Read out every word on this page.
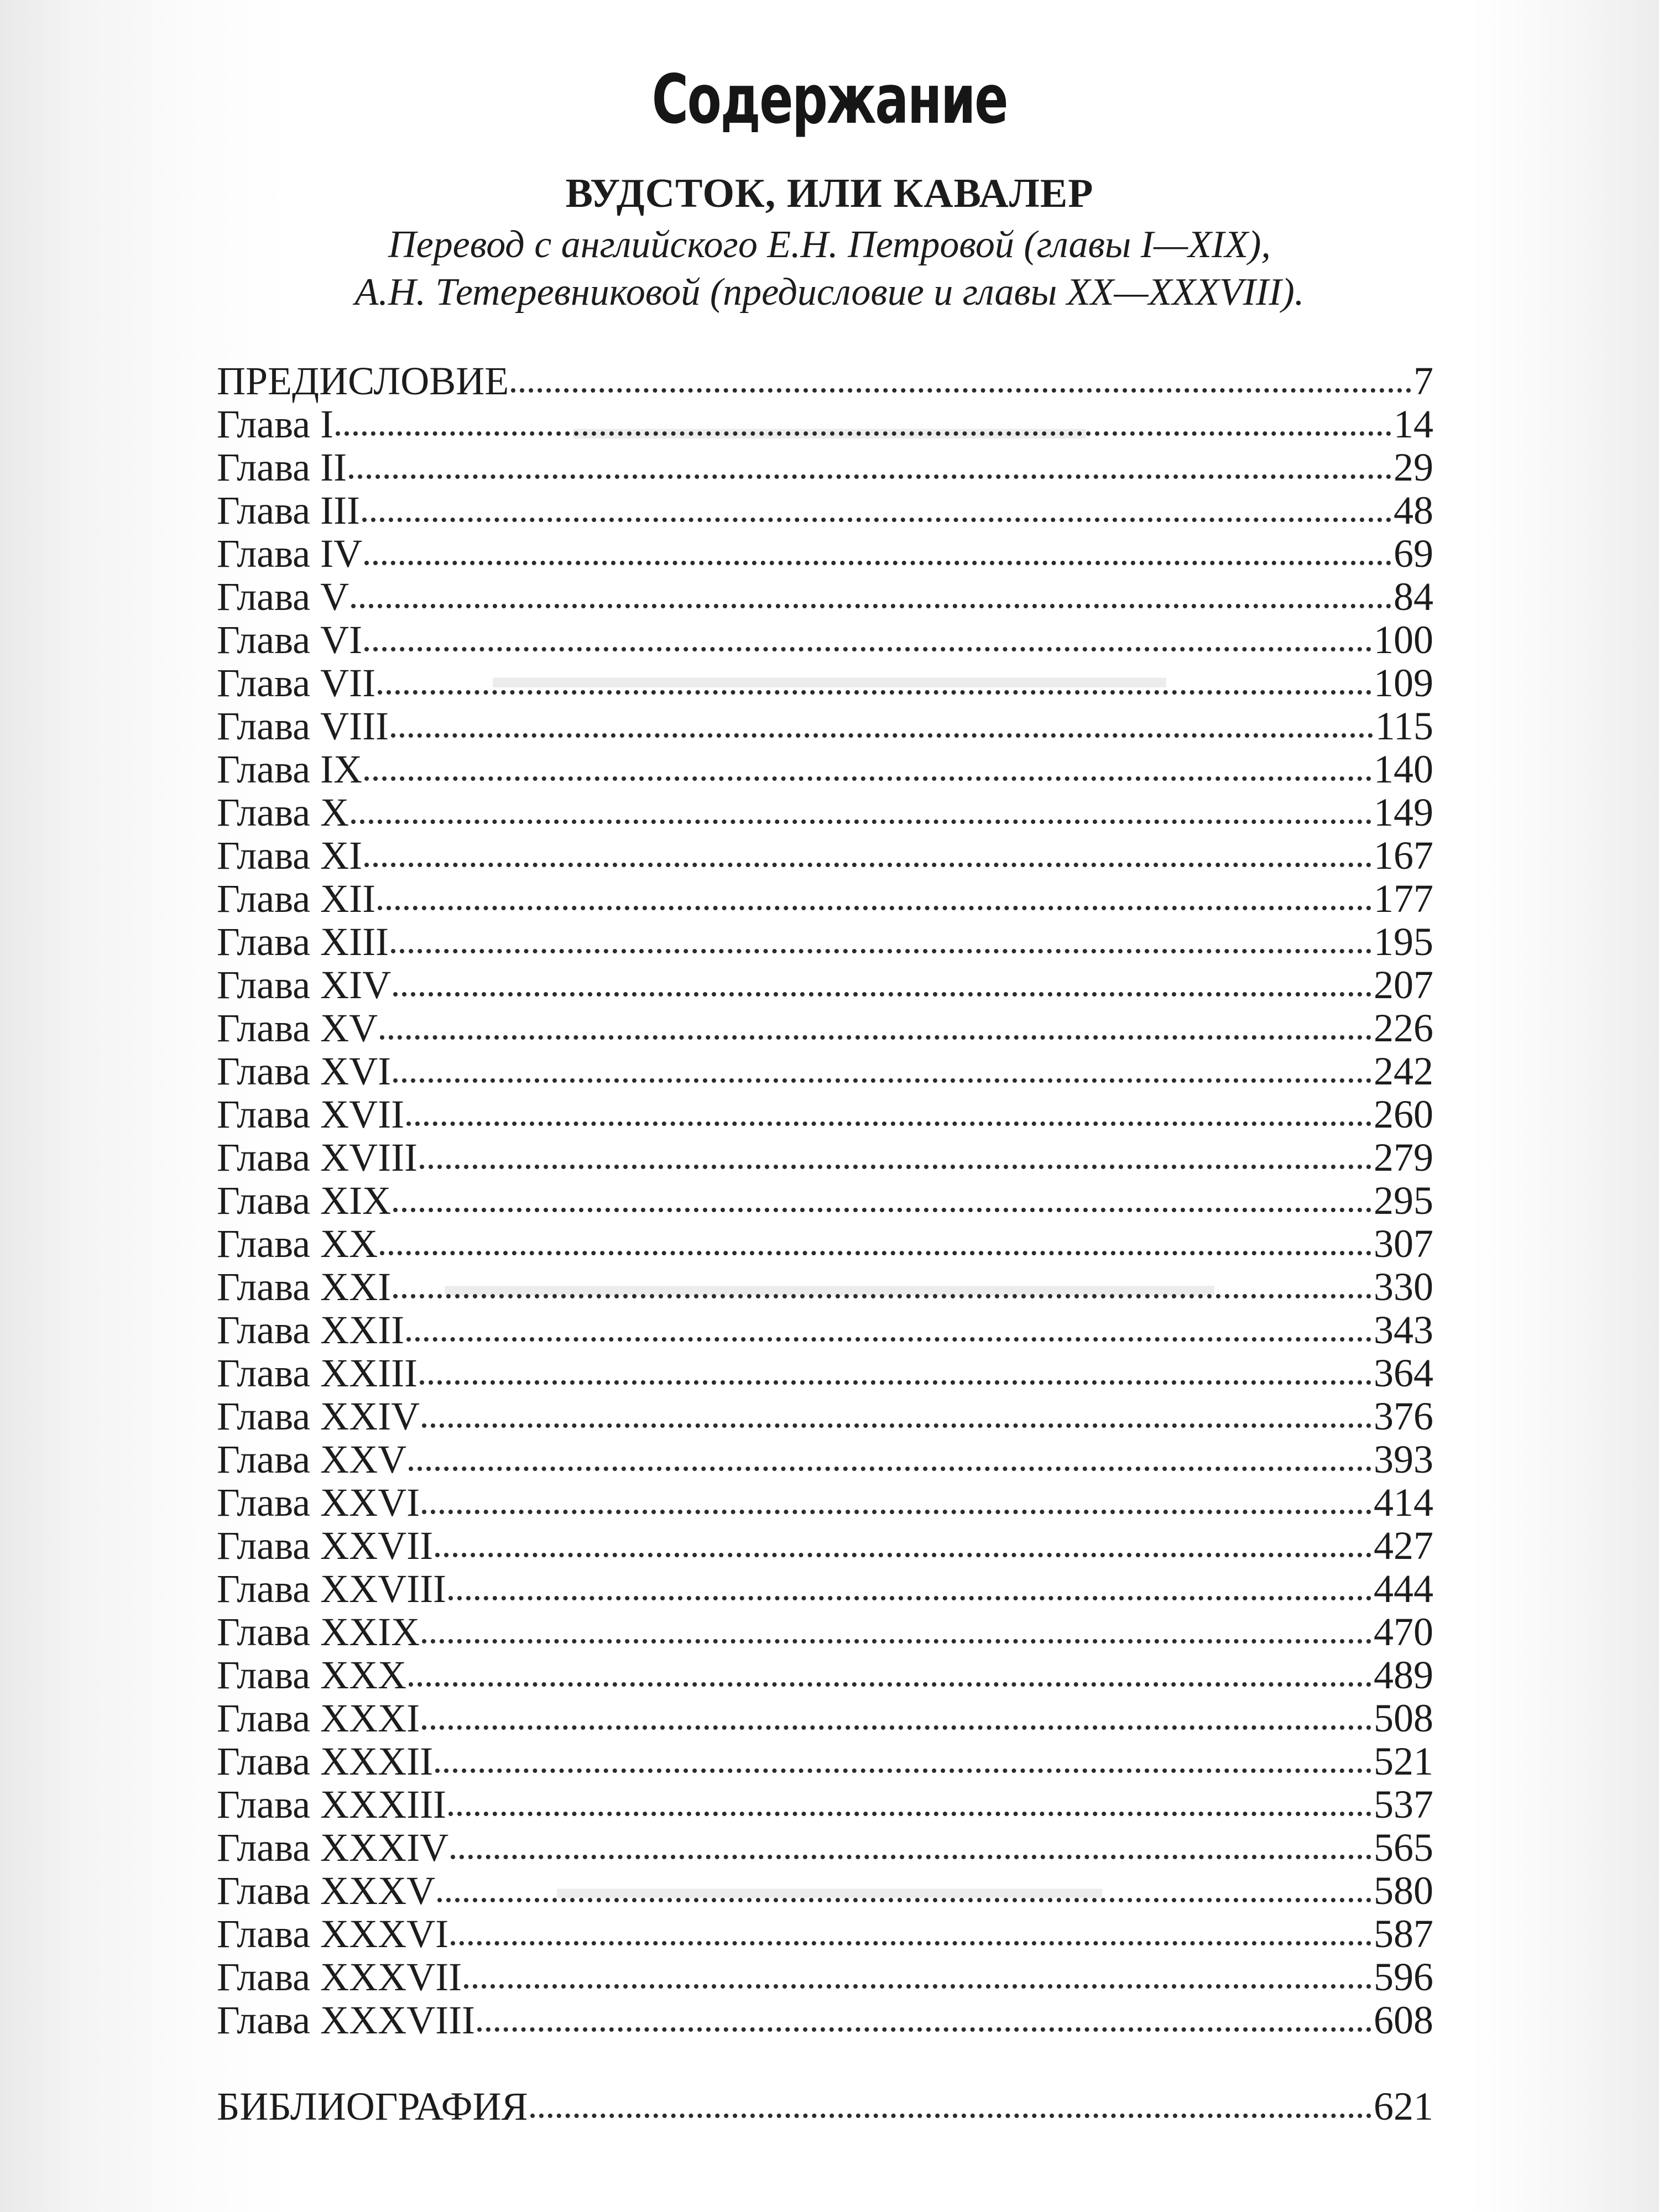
▬▬▬▬▬▬▬▬▬▬▬▬▬▬▬▬
▬▬▬▬▬▬▬▬▬▬▬▬▬▬▬▬▬▬▬▬▬
▬▬▬▬▬▬▬▬▬▬▬▬▬▬▬▬▬▬▬▬▬▬▬▬
▬▬▬▬▬▬▬▬▬▬▬▬▬▬▬▬▬
Содержание
ВУДСТОК, ИЛИ КАВАЛЕР
Перевод с английского Е.Н. Петровой (главы I—XIX),
А.Н. Тетеревниковой (предисловие и главы XX—XXXVIII).
ПРЕДИСЛОВИЕ	7
Глава I	14
Глава II	29
Глава III	48
Глава IV	69
Глава V	84
Глава VI	100
Глава VII	109
Глава VIII	115
Глава IX	140
Глава X	149
Глава XI	167
Глава XII	177
Глава XIII	195
Глава XIV	207
Глава XV	226
Глава XVI	242
Глава XVII	260
Глава XVIII	279
Глава XIX	295
Глава XX	307
Глава XXI	330
Глава XXII	343
Глава XXIII	364
Глава XXIV	376
Глава XXV	393
Глава XXVI	414
Глава XXVII	427
Глава XXVIII	444
Глава XXIX	470
Глава XXX	489
Глава XXXI	508
Глава XXXII	521
Глава XXXIII	537
Глава XXXIV	565
Глава XXXV	580
Глава XXXVI	587
Глава XXXVII	596
Глава XXXVIII	608
БИБЛИОГРАФИЯ	621
